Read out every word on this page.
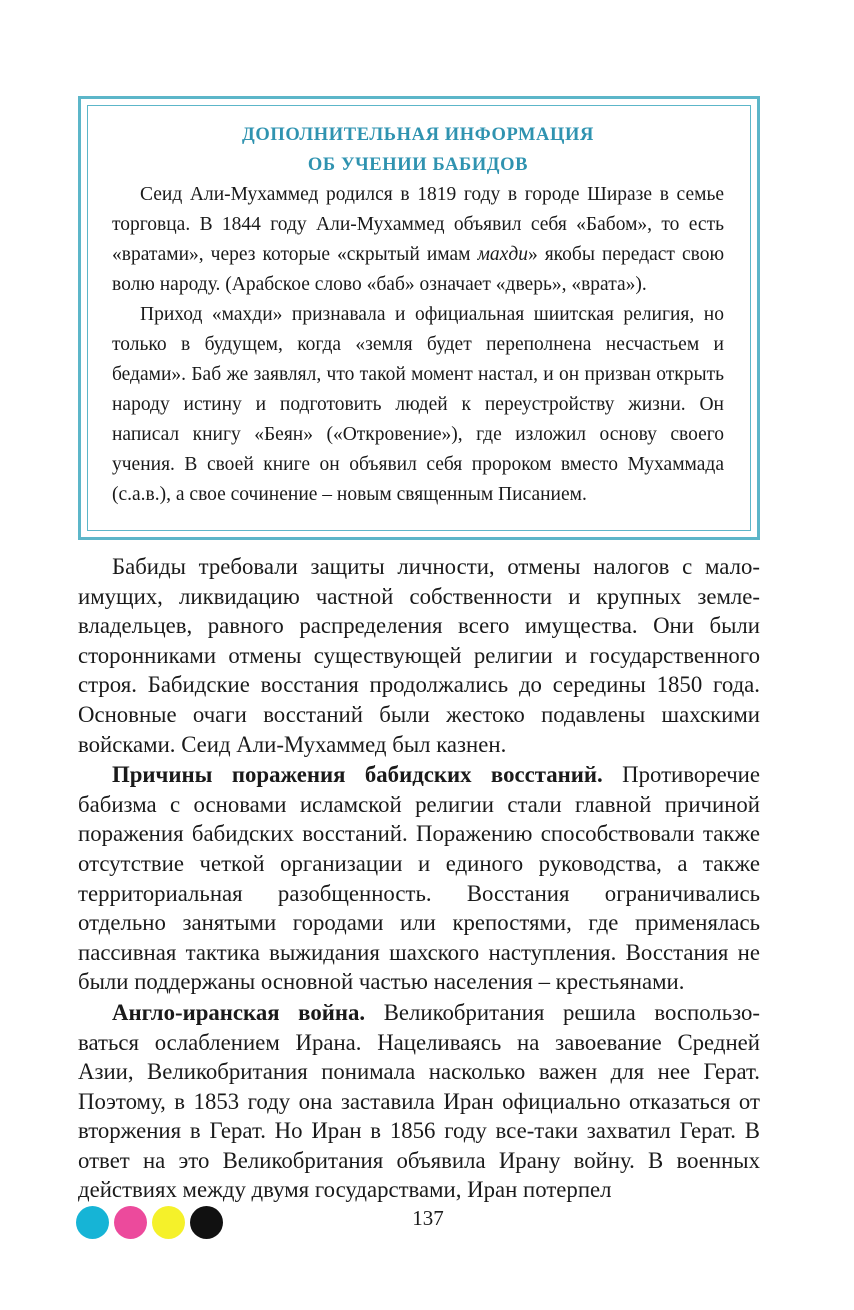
ДОПОЛНИТЕЛЬНАЯ ИНФОРМАЦИЯ
ОБ УЧЕНИИ БАБИДОВ

Сеид Али-Мухаммед родился в 1819 году в городе Ширазе в семье торговца. В 1844 году Али-Мухаммед объявил себя «Бабом», то есть «вратами», через которые «скрытый имам махди» якобы передаст свою волю народу. (Арабское слово «баб» означает «дверь», «врата»).

Приход «махди» признавала и официальная шиитская религия, но только в будущем, когда «земля будет переполнена несчастьем и бедами». Баб же заявлял, что такой момент настал, и он призван открыть народу истину и подготовить людей к переустройству жизни. Он написал книгу «Беян» («Откровение»), где изложил основу своего учения. В своей книге он объявил себя пророком вместо Мухаммада (с.а.в.), а свое сочинение – новым священным Писанием.

Бабиды требовали защиты личности, отмены налогов с малоимущих, ликвидацию частной собственности и крупных землевладельцев, равного распределения всего имущества. Они были сторонниками отмены существующей религии и государственного строя. Бабидские восстания продолжались до середины 1850 года. Основные очаги восстаний были жестоко подавлены шахскими войсками. Сеид Али-Мухаммед был казнен.

Причины поражения бабидских восстаний. Противоречие бабизма с основами исламской религии стали главной причиной поражения бабидских восстаний. Поражению способствовали также отсутствие четкой организации и единого руководства, а также территориальная разобщенность. Восстания ограничивались отдельно занятыми городами или крепостями, где применялась пассивная тактика выжидания шахского наступления. Восстания не были поддержаны основной частью населения – крестьянами.

Англо-иранская война. Великобритания решила воспользоваться ослаблением Ирана. Нацеливаясь на завоевание Средней Азии, Великобритания понимала насколько важен для нее Герат. Поэтому, в 1853 году она заставила Иран официально отказаться от вторжения в Герат. Но Иран в 1856 году все-таки захватил Герат. В ответ на это Великобритания объявила Ирану войну. В военных действиях между двумя государствами, Иран потерпел

137
